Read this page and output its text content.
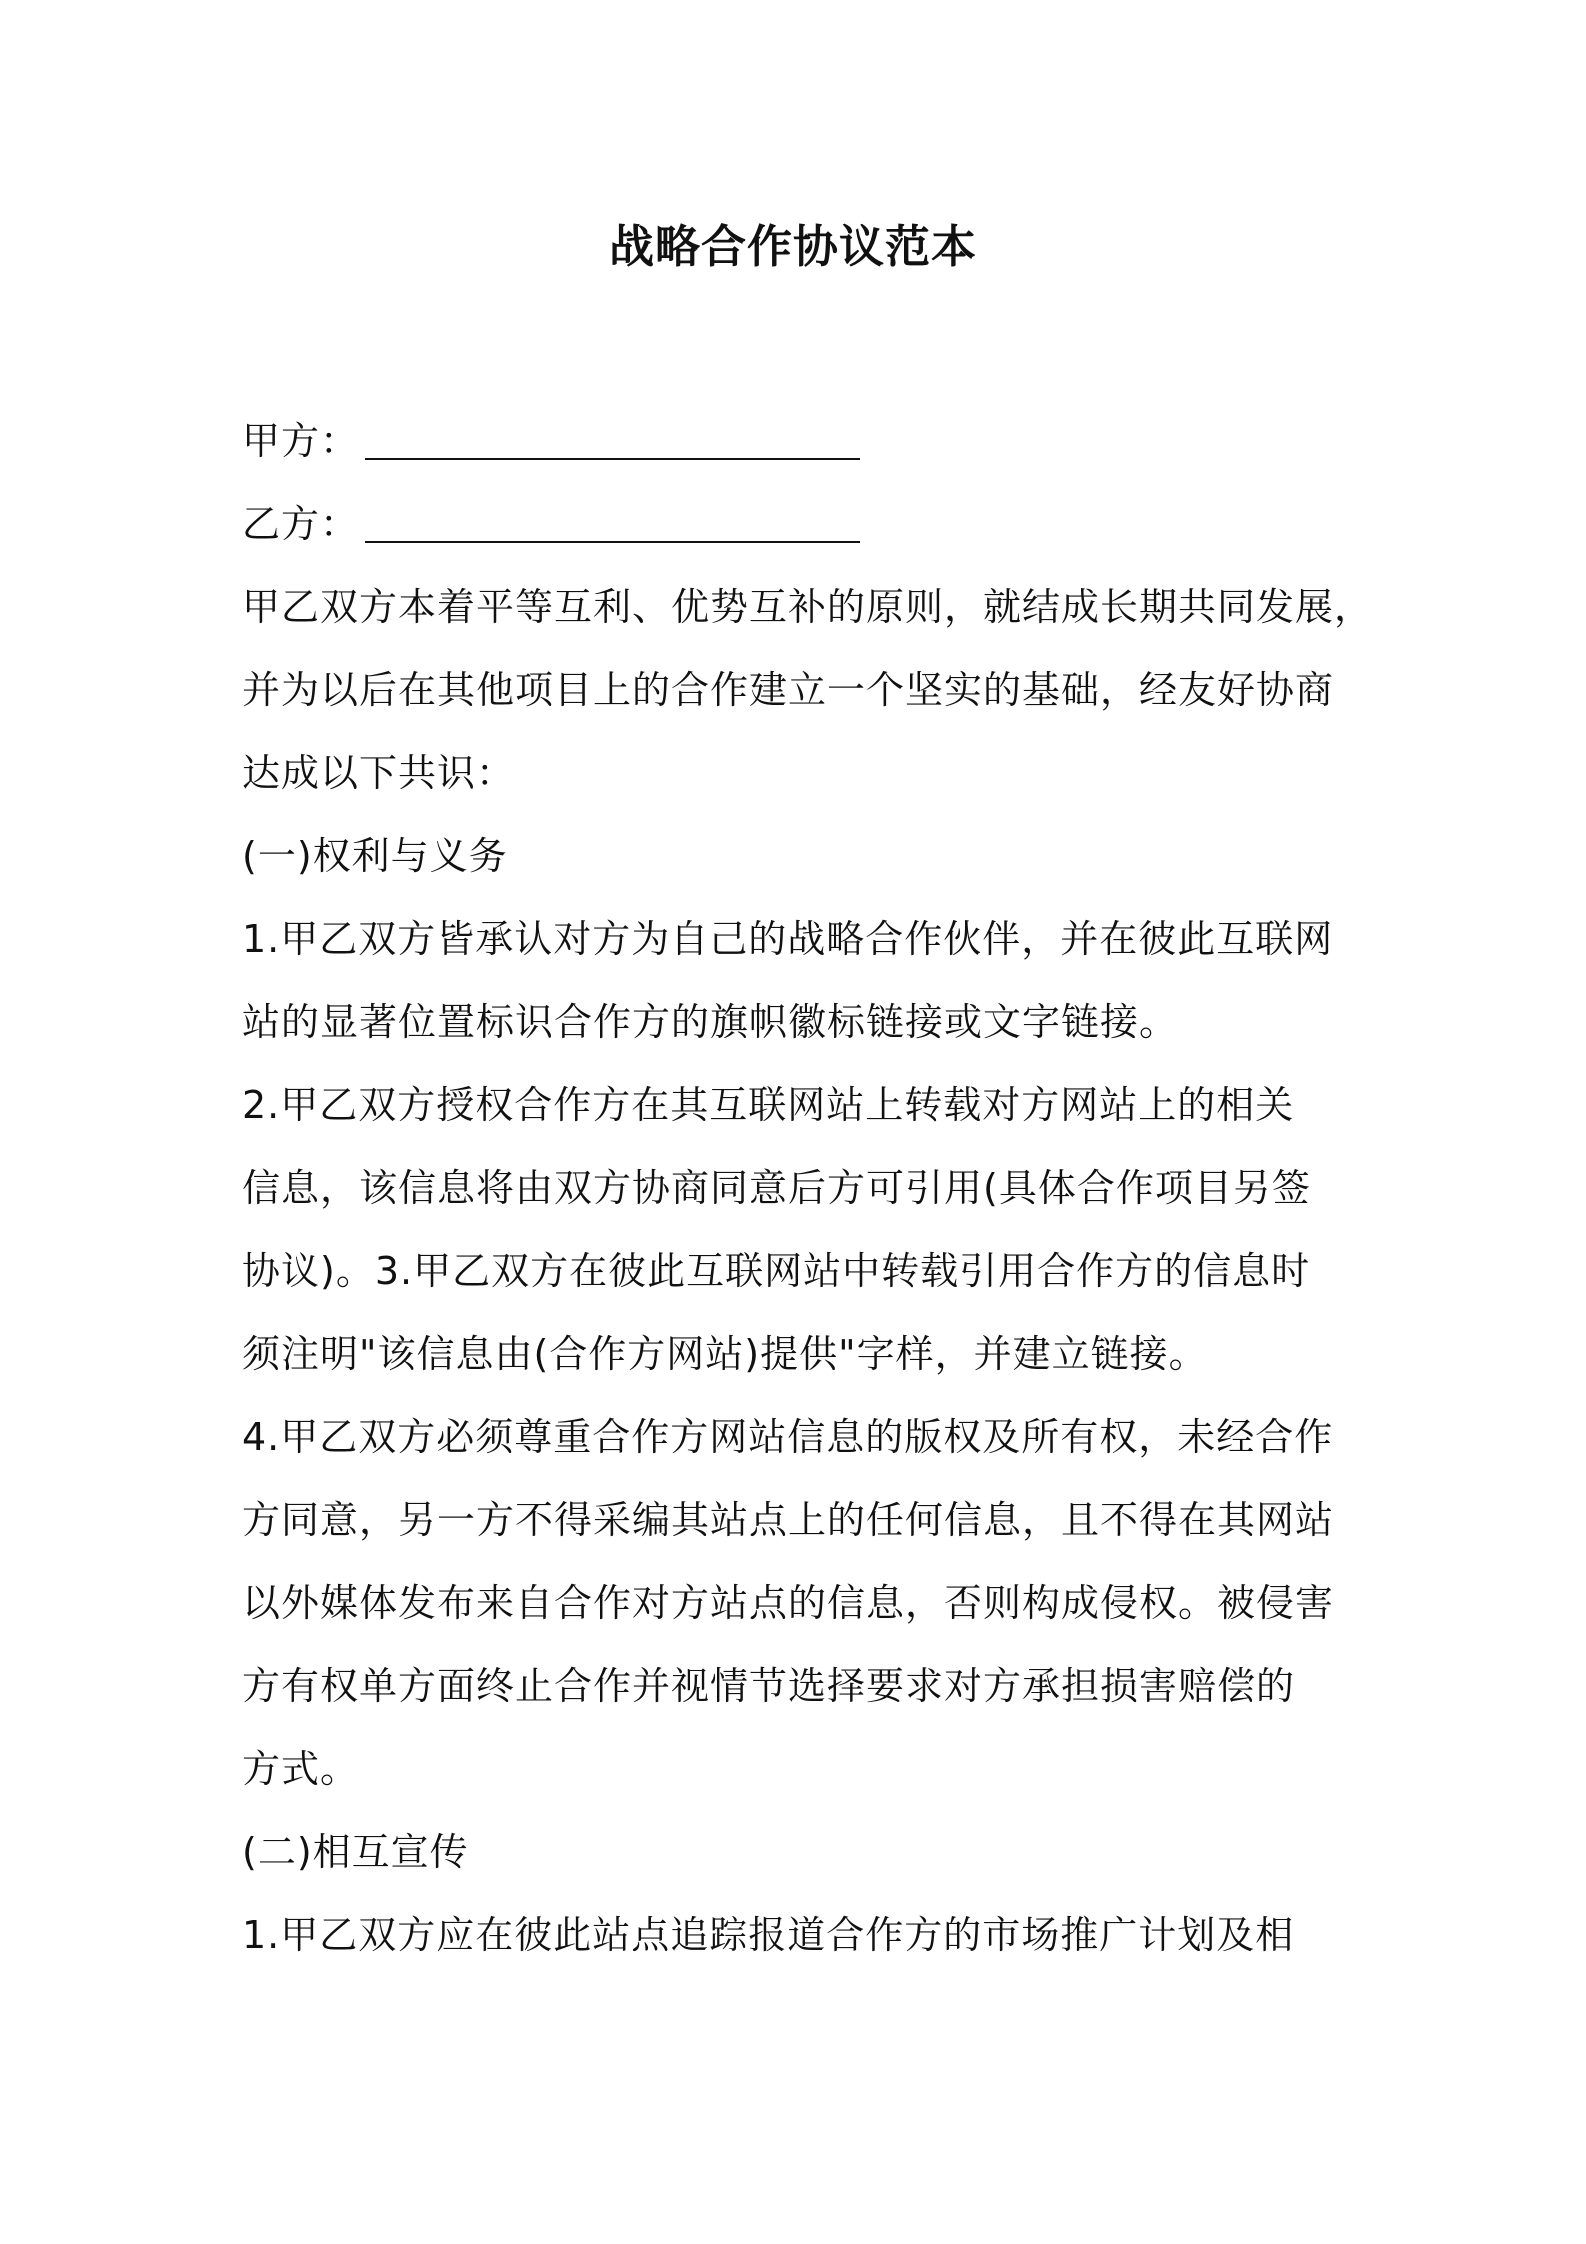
战略合作协议范本
甲方：
乙方：
甲乙双方本着平等互利、优势互补的原则，就结成长期共同发展，
并为以后在其他项目上的合作建立一个坚实的基础，经友好协商
达成以下共识：
(一)权利与义务
1.甲乙双方皆承认对方为自己的战略合作伙伴，并在彼此互联网
站的显著位置标识合作方的旗帜徽标链接或文字链接。
2.甲乙双方授权合作方在其互联网站上转载对方网站上的相关
信息，该信息将由双方协商同意后方可引用(具体合作项目另签
协议)。3.甲乙双方在彼此互联网站中转载引用合作方的信息时
须注明"该信息由(合作方网站)提供"字样，并建立链接。
4.甲乙双方必须尊重合作方网站信息的版权及所有权，未经合作
方同意，另一方不得采编其站点上的任何信息，且不得在其网站
以外媒体发布来自合作对方站点的信息，否则构成侵权。被侵害
方有权单方面终止合作并视情节选择要求对方承担损害赔偿的
方式。
(二)相互宣传
1.甲乙双方应在彼此站点追踪报道合作方的市场推广计划及相
